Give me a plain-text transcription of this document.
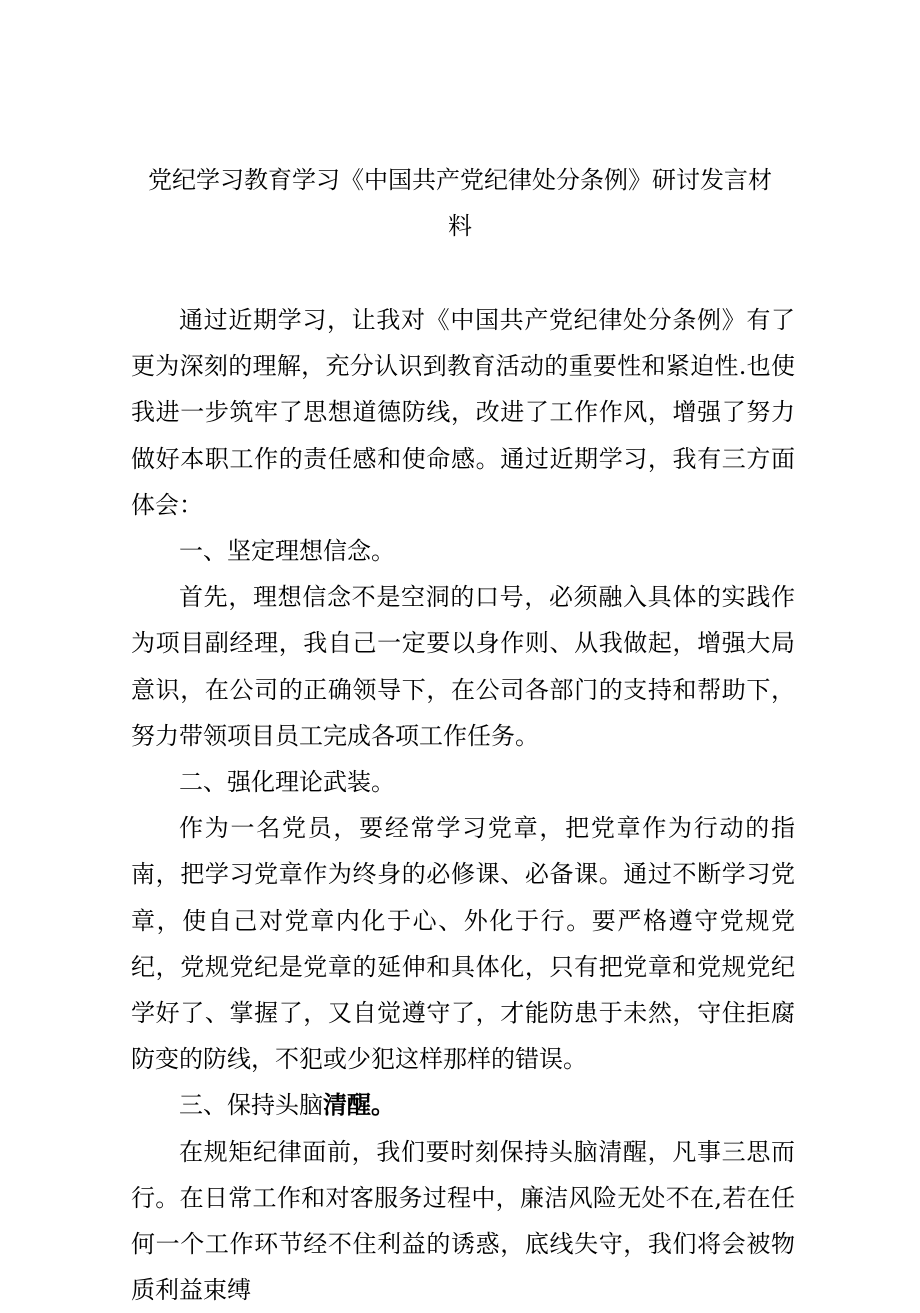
党纪学习教育学习《中国共产党纪律处分条例》研讨发言材
料

通过近期学习，让我对《中国共产党纪律处分条例》有了更为深刻的理解，充分认识到教育活动的重要性和紧迫性.也使我进一步筑牢了思想道德防线，改进了工作作风，增强了努力做好本职工作的责任感和使命感。通过近期学习，我有三方面体会：

一、坚定理想信念。

首先，理想信念不是空洞的口号，必须融入具体的实践作为项目副经理，我自己一定要以身作则、从我做起，增强大局意识，在公司的正确领导下，在公司各部门的支持和帮助下，努力带领项目员工完成各项工作任务。

二、强化理论武装。

作为一名党员，要经常学习党章，把党章作为行动的指南，把学习党章作为终身的必修课、必备课。通过不断学习党章，使自己对党章内化于心、外化于行。要严格遵守党规党纪，党规党纪是党章的延伸和具体化，只有把党章和党规党纪学好了、掌握了，又自觉遵守了，才能防患于未然，守住拒腐防变的防线，不犯或少犯这样那样的错误。

三、保持头脑清醒。

在规矩纪律面前，我们要时刻保持头脑清醒，凡事三思而行。在日常工作和对客服务过程中，廉洁风险无处不在,若在任何一个工作环节经不住利益的诱惑，底线失守，我们将会被物质利益束缚
